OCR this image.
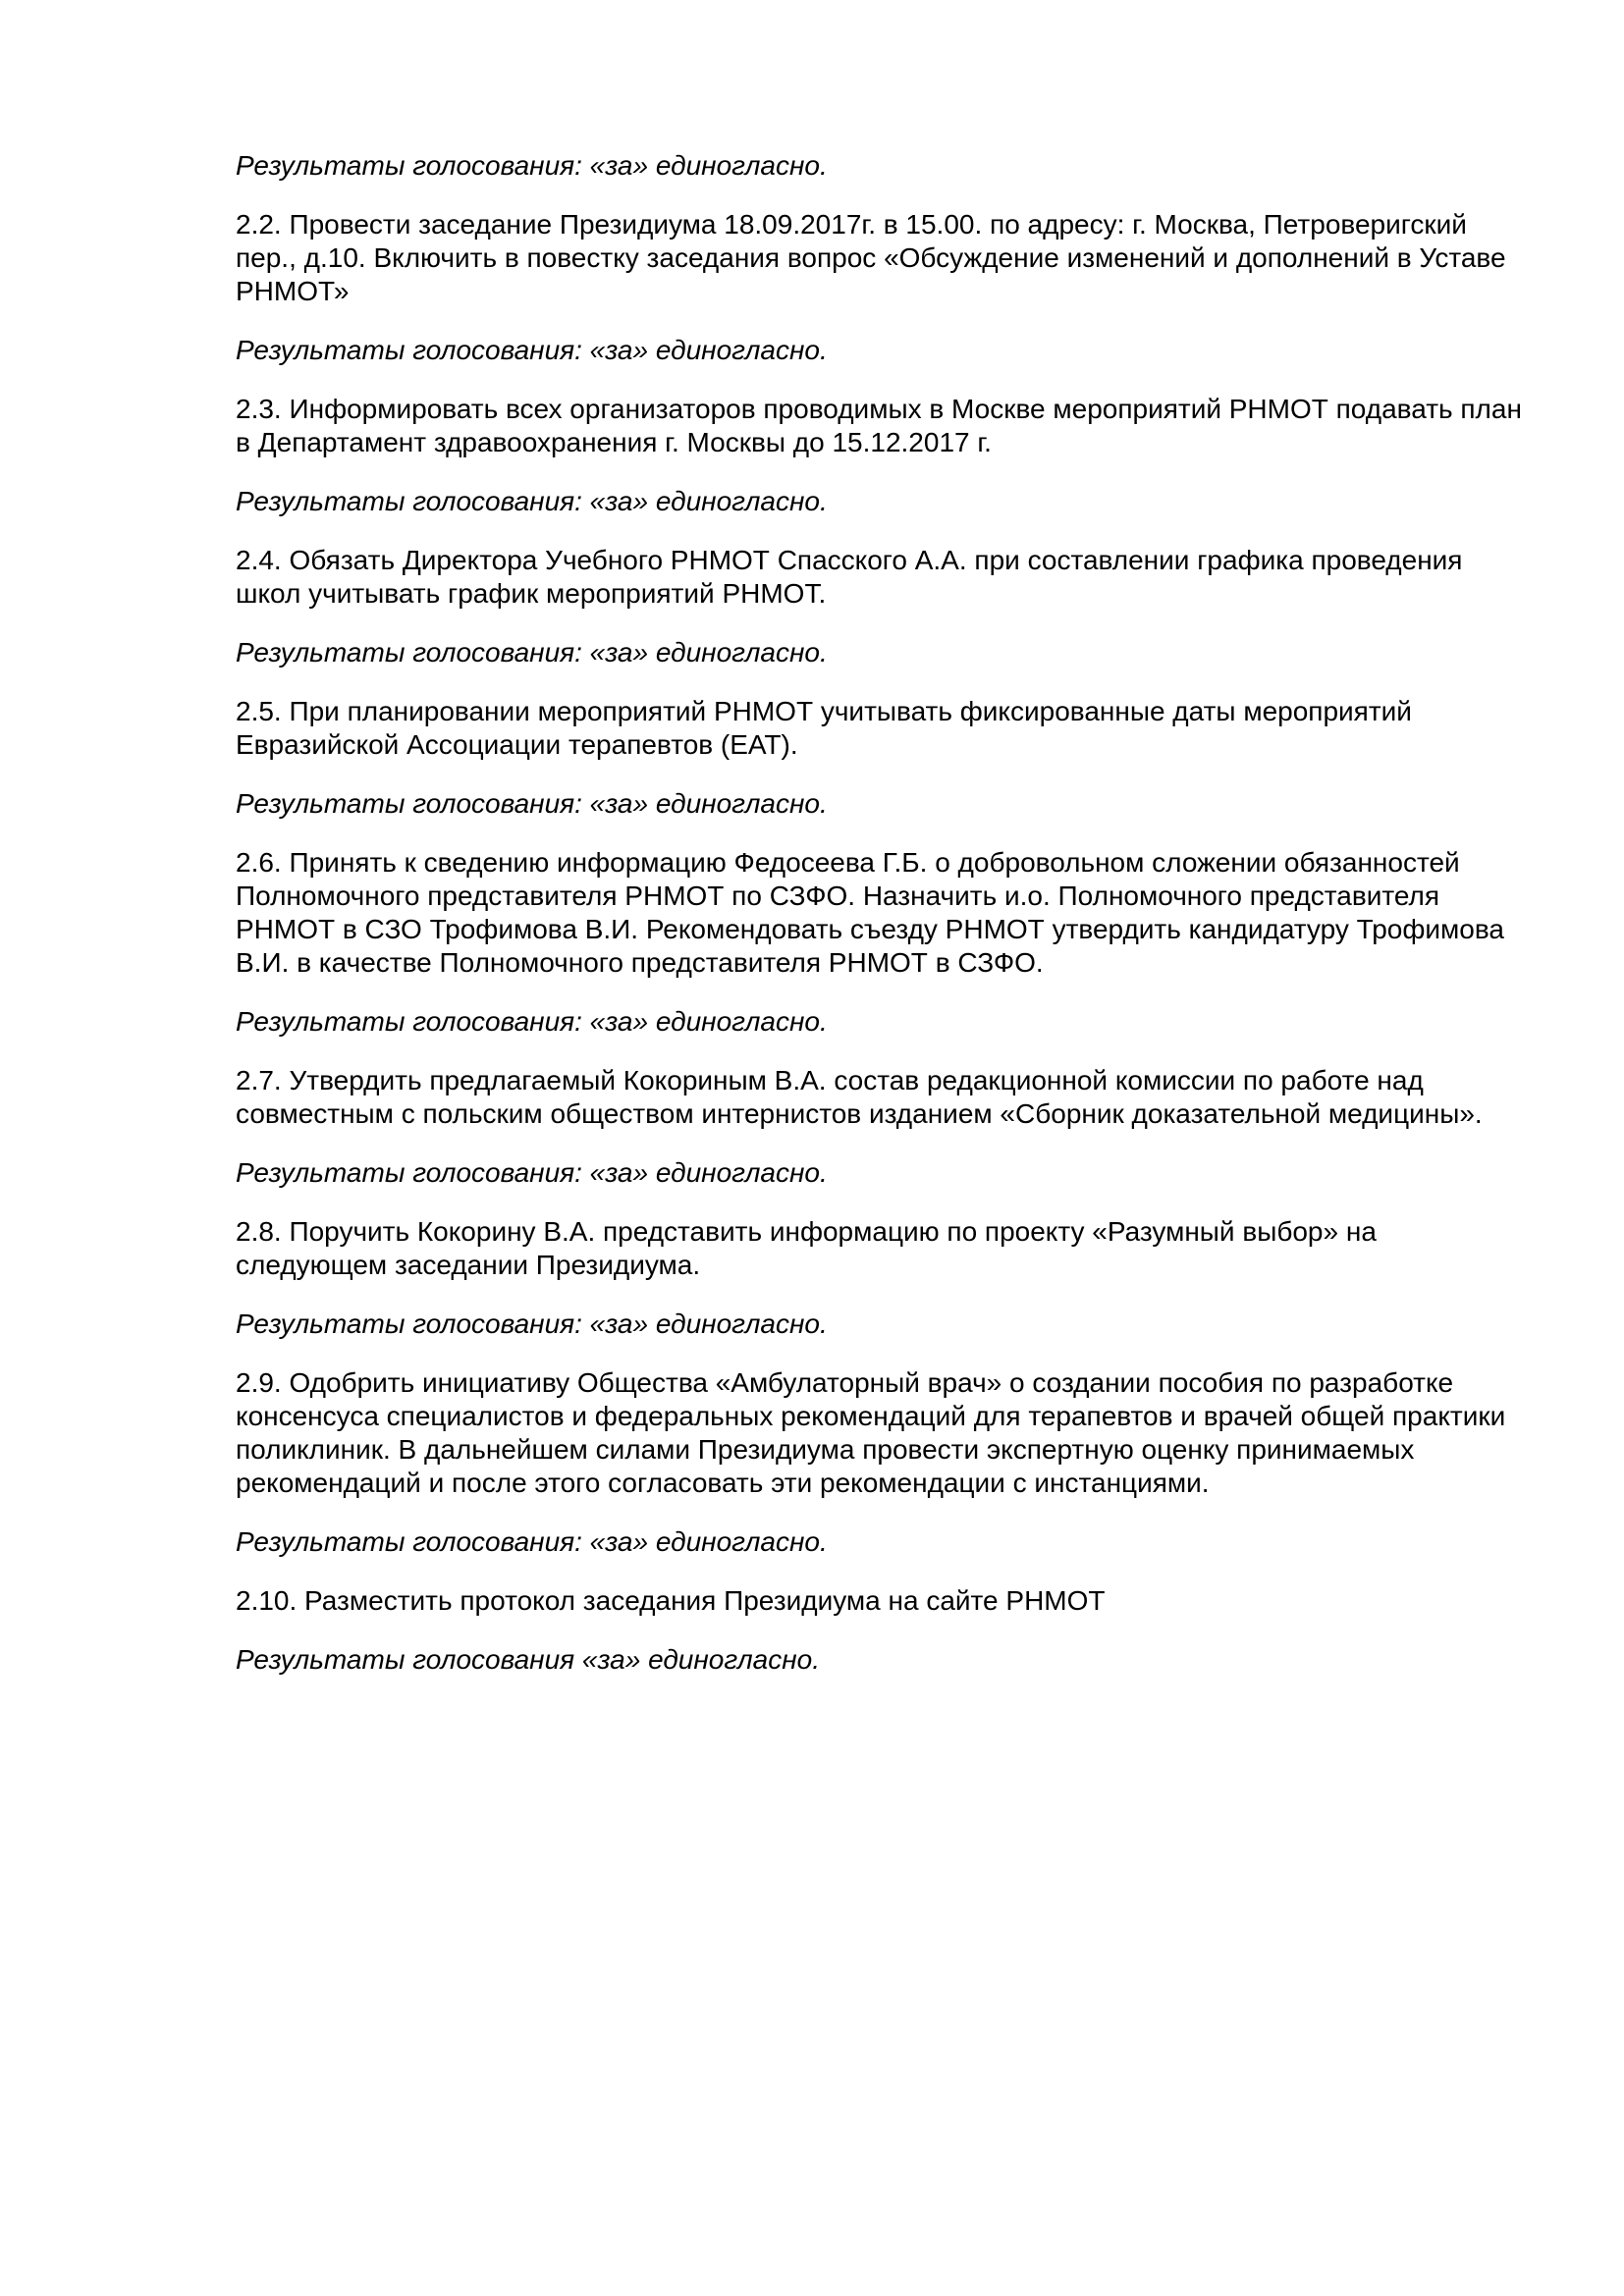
Результаты голосования: «за» единогласно.

2.2. Провести заседание Президиума 18.09.2017г. в 15.00. по адресу: г. Москва, Петроверигский пер., д.10. Включить в повестку заседания вопрос «Обсуждение изменений и дополнений в Уставе РНМОТ»

Результаты голосования: «за» единогласно.

2.3. Информировать всех организаторов проводимых в Москве мероприятий РНМОТ подавать план в Департамент здравоохранения г. Москвы до 15.12.2017 г.

Результаты голосования: «за» единогласно.

2.4. Обязать Директора Учебного РНМОТ Спасского А.А. при составлении графика проведения школ учитывать график мероприятий РНМОТ.

Результаты голосования: «за» единогласно.

2.5. При планировании мероприятий РНМОТ учитывать фиксированные даты мероприятий Евразийской Ассоциации терапевтов (ЕАТ).

Результаты голосования: «за» единогласно.

2.6. Принять к сведению информацию Федосеева Г.Б. о добровольном сложении обязанностей Полномочного представителя РНМОТ по СЗФО. Назначить и.о. Полномочного представителя РНМОТ в СЗО Трофимова В.И. Рекомендовать съезду РНМОТ утвердить кандидатуру Трофимова В.И. в качестве Полномочного представителя РНМОТ в СЗФО.

Результаты голосования: «за» единогласно.

2.7. Утвердить предлагаемый Кокориным В.А. состав редакционной комиссии по работе над совместным с польским обществом интернистов изданием «Сборник доказательной медицины».

Результаты голосования: «за» единогласно.

2.8. Поручить Кокорину В.А. представить информацию по проекту «Разумный выбор» на следующем заседании Президиума.

Результаты голосования: «за» единогласно.

2.9. Одобрить инициативу Общества «Амбулаторный врач» о создании пособия по разработке консенсуса специалистов и федеральных рекомендаций для терапевтов и врачей общей практики поликлиник. В дальнейшем силами Президиума провести экспертную оценку принимаемых рекомендаций и после этого согласовать эти рекомендации с инстанциями.

Результаты голосования: «за» единогласно.

2.10. Разместить протокол заседания Президиума на сайте РНМОТ

Результаты голосования «за» единогласно.
